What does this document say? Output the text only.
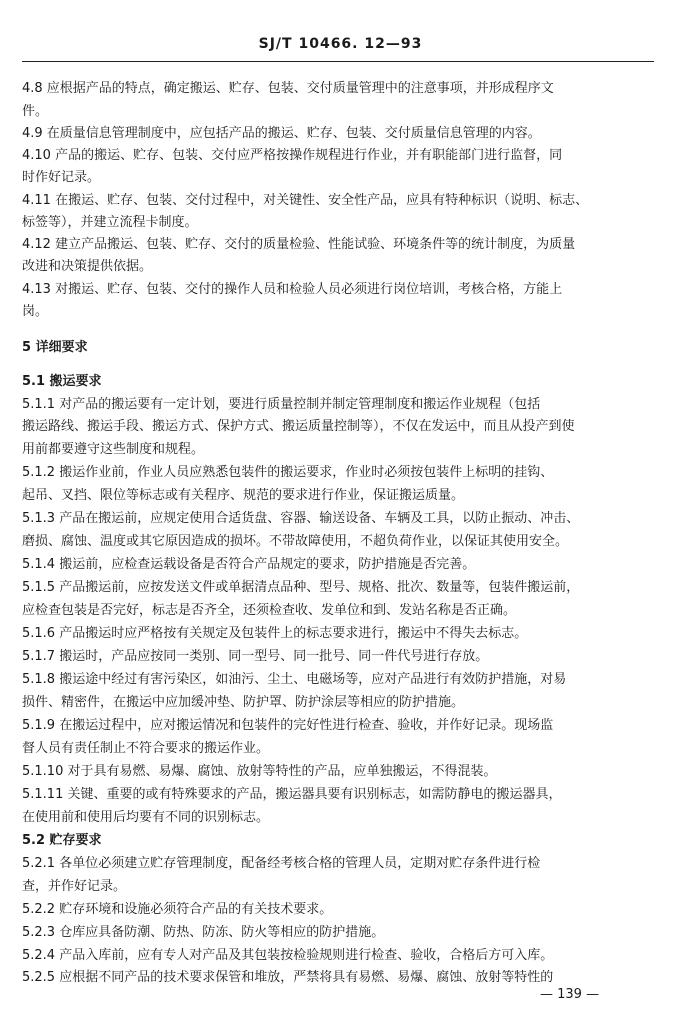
SJ/T 10466. 12—93
4.8 应根据产品的特点，确定搬运、贮存、包装、交付质量管理中的注意事项，并形成程序文
件。
4.9 在质量信息管理制度中，应包括产品的搬运、贮存、包装、交付质量信息管理的内容。
4.10 产品的搬运、贮存、包装、交付应严格按操作规程进行作业，并有职能部门进行监督，同
时作好记录。
4.11 在搬运、贮存、包装、交付过程中，对关键性、安全性产品，应具有特种标识（说明、标志、
标签等），并建立流程卡制度。
4.12 建立产品搬运、包装、贮存、交付的质量检验、性能试验、环境条件等的统计制度，为质量
改进和决策提供依据。
4.13 对搬运、贮存、包装、交付的操作人员和检验人员必须进行岗位培训，考核合格，方能上
岗。
5 详细要求
5.1 搬运要求
5.1.1 对产品的搬运要有一定计划，要进行质量控制并制定管理制度和搬运作业规程（包括
搬运路线、搬运手段、搬运方式、保护方式、搬运质量控制等），不仅在发运中，而且从投产到使
用前都要遵守这些制度和规程。
5.1.2 搬运作业前，作业人员应熟悉包装件的搬运要求，作业时必须按包装件上标明的挂钩、
起吊、叉挡、限位等标志或有关程序、规范的要求进行作业，保证搬运质量。
5.1.3 产品在搬运前，应规定使用合适货盘、容器、输送设备、车辆及工具，以防止振动、冲击、
磨损、腐蚀、温度或其它原因造成的损坏。不带故障使用，不超负荷作业，以保证其使用安全。
5.1.4 搬运前，应检查运载设备是否符合产品规定的要求，防护措施是否完善。
5.1.5 产品搬运前，应按发送文件或单据清点品种、型号、规格、批次、数量等，包装件搬运前，
应检查包装是否完好，标志是否齐全，还须检查收、发单位和到、发站名称是否正确。
5.1.6 产品搬运时应严格按有关规定及包装件上的标志要求进行，搬运中不得失去标志。
5.1.7 搬运时，产品应按同一类别、同一型号、同一批号、同一件代号进行存放。
5.1.8 搬运途中经过有害污染区，如油污、尘土、电磁场等，应对产品进行有效防护措施，对易
损件、精密件，在搬运中应加缓冲垫、防护罩、防护涂层等相应的防护措施。
5.1.9 在搬运过程中，应对搬运情况和包装件的完好性进行检查、验收，并作好记录。现场监
督人员有责任制止不符合要求的搬运作业。
5.1.10 对于具有易燃、易爆、腐蚀、放射等特性的产品，应单独搬运，不得混装。
5.1.11 关键、重要的或有特殊要求的产品，搬运器具要有识别标志，如需防静电的搬运器具，
在使用前和使用后均要有不同的识别标志。
5.2 贮存要求
5.2.1 各单位必须建立贮存管理制度，配备经考核合格的管理人员，定期对贮存条件进行检
查，并作好记录。
5.2.2 贮存环境和设施必须符合产品的有关技术要求。
5.2.3 仓库应具备防潮、防热、防冻、防火等相应的防护措施。
5.2.4 产品入库前，应有专人对产品及其包装按检验规则进行检查、验收，合格后方可入库。
5.2.5 应根据不同产品的技术要求保管和堆放，严禁将具有易燃、易爆、腐蚀、放射等特性的
— 139 —
